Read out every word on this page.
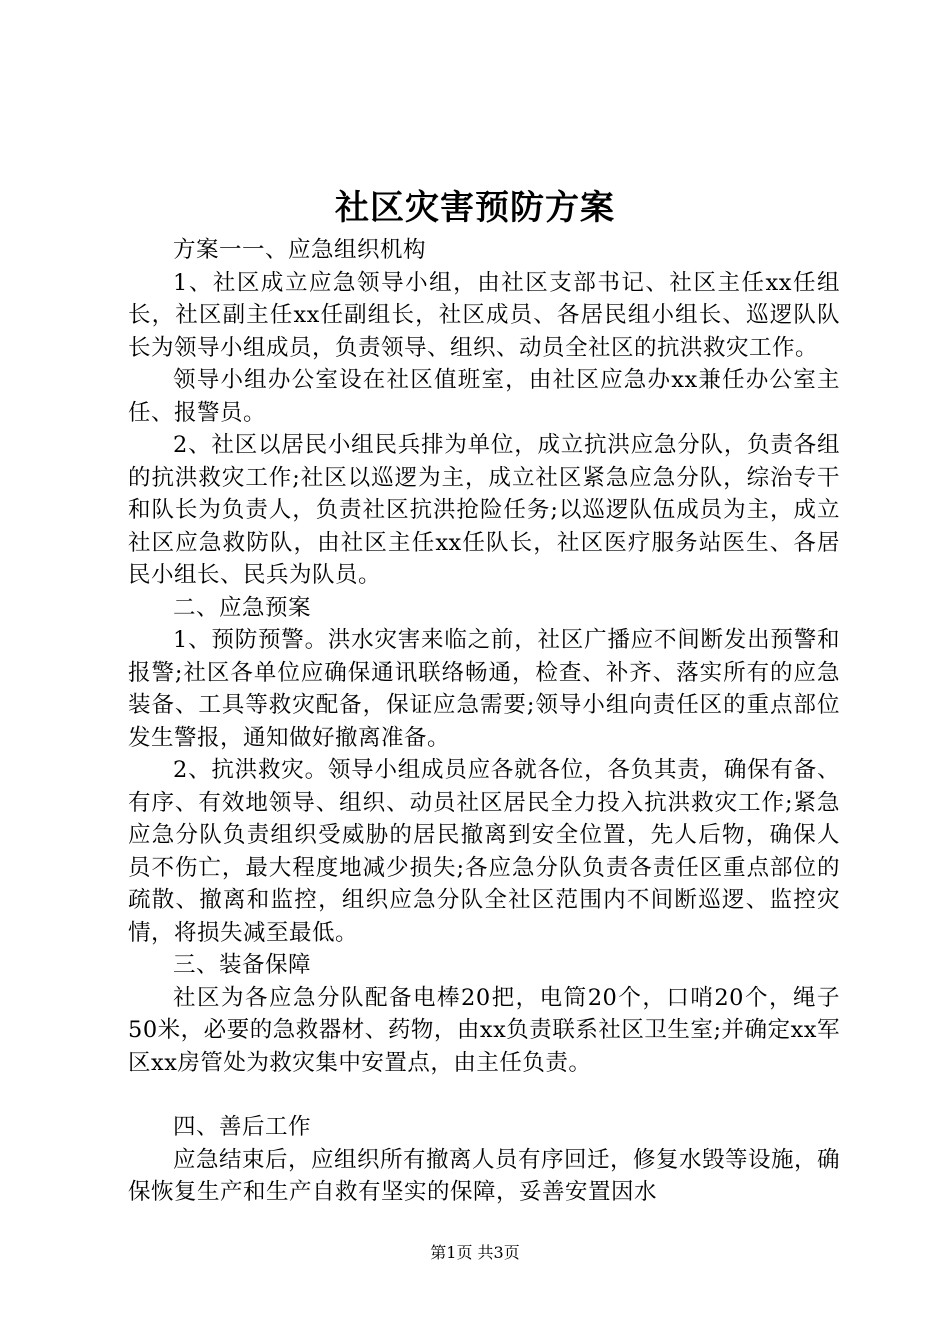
社区灾害预防方案

方案一一、应急组织机构

1、社区成立应急领导小组，由社区支部书记、社区主任xx任组长，社区副主任xx任副组长，社区成员、各居民组小组长、巡逻队队长为领导小组成员，负责领导、组织、动员全社区的抗洪救灾工作。

领导小组办公室设在社区值班室，由社区应急办xx兼任办公室主任、报警员。

2、社区以居民小组民兵排为单位，成立抗洪应急分队，负责各组的抗洪救灾工作;社区以巡逻为主，成立社区紧急应急分队，综治专干和队长为负责人，负责社区抗洪抢险任务;以巡逻队伍成员为主，成立社区应急救防队，由社区主任xx任队长，社区医疗服务站医生、各居民小组长、民兵为队员。

二、应急预案

1、预防预警。洪水灾害来临之前，社区广播应不间断发出预警和报警;社区各单位应确保通讯联络畅通，检查、补齐、落实所有的应急装备、工具等救灾配备，保证应急需要;领导小组向责任区的重点部位发生警报，通知做好撤离准备。

2、抗洪救灾。领导小组成员应各就各位，各负其责，确保有备、有序、有效地领导、组织、动员社区居民全力投入抗洪救灾工作;紧急应急分队负责组织受威胁的居民撤离到安全位置，先人后物，确保人员不伤亡，最大程度地减少损失;各应急分队负责各责任区重点部位的疏散、撤离和监控，组织应急分队全社区范围内不间断巡逻、监控灾情，将损失减至最低。

三、装备保障

社区为各应急分队配备电棒20把，电筒20个，口哨20个，绳子50米，必要的急救器材、药物，由xx负责联系社区卫生室;并确定xx军区xx房管处为救灾集中安置点，由主任负责。

四、善后工作

应急结束后，应组织所有撤离人员有序回迁，修复水毁等设施，确保恢复生产和生产自救有坚实的保障，妥善安置因水

第1页 共3页
